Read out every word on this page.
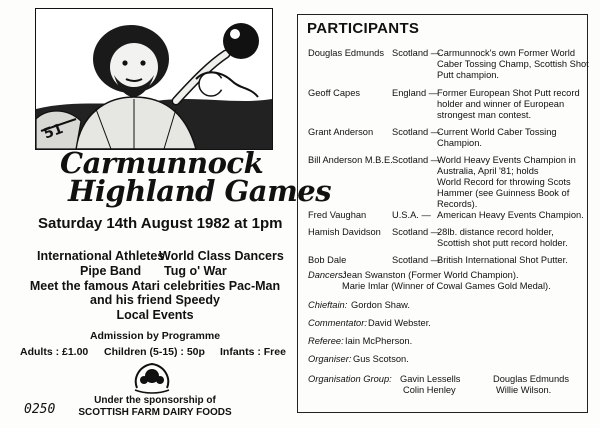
51
Carmunnock
Highland Games
Saturday 14th August 1982 at 1pm
International Athletes
World Class Dancers
Pipe Band Tug o' War
Meet the famous Atari celebrities Pac-Man
and his friend Speedy
Local Events
Admission by Programme
Adults : £1.00 Children (5-15) : 50p Infants : Free
Under the sponsorship of
SCOTTISH FARM DAIRY FOODS
0250
PARTICIPANTS
Douglas Edmunds Scotland —
Carmunnock's own Former World
Caber Tossing Champ, Scottish Shot
Putt champion.
Geoff Capes	England — Former European Shot Putt record
holder and winner of European
strongest man contest.
Grant Anderson Scotland —
Current World Caber Tossing
Champion.
Bill Anderson M.B.E. Scotland —
World Heavy Events Champion in
Australia, April '81; holds
World Record for throwing Scots
Hammer (see Guinness Book of
Records).
Fred Vaughan	U.S.A. — American Heavy Events Champion.
Hamish Davidson Scotland —
28lb. distance record holder,
Scottish shot putt record holder.
Bob Dale	Scotland —
British International Shot Putter.
Dancers:
Jean Swanston (Former World Champion).
Marie Imlar (Winner of Cowal Games Gold Medal).
Chieftain: Gordon Shaw.
Commentator: David Webster.
Referee: Iain McPherson.
Organiser: Gus Scotson.
Organisation Group: Gavin Lessells	Douglas Edmunds
Colin Henley	Willie Wilson.
